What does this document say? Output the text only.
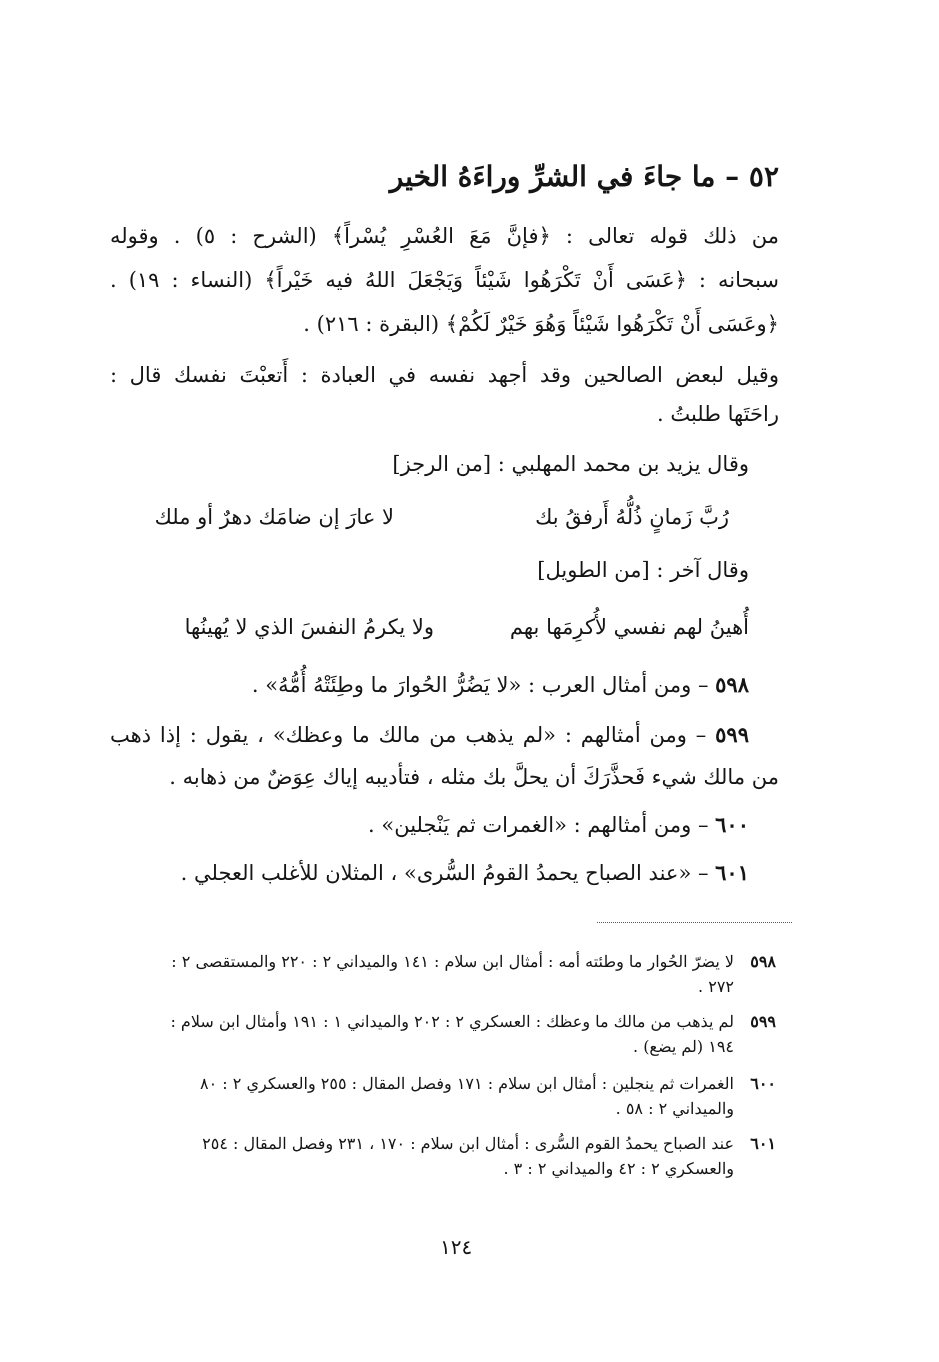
٥٢ – ما جاءَ في الشرِّ وراءَهُ الخير
من ذلك قوله تعالى : ﴿فإنَّ مَعَ العُسْرِ يُسْراً﴾ (الشرح : ٥) . وقوله
سبحانه : ﴿عَسَى أَنْ تَكْرَهُوا شَيْئاً وَيَجْعَلَ اللهُ فيه خَيْراً﴾ (النساء : ١٩) .
﴿وعَسَى أَنْ تَكْرَهُوا شَيْئاً وَهُوَ خَيْرٌ لَكُمْ﴾ (البقرة : ٢١٦) .
وقيل لبعض الصالحين وقد أجهد نفسه في العبادة : أَتعبْتَ نفسك قال :
راحَتَها طلبتُ .
وقال يزيد بن محمد المهلبي : [من الرجز]
رُبَّ زَمانٍ ذُلُّهُ أَرفقُ بك
لا عارَ إن ضامَك دهرٌ أو ملك
وقال آخر : [من الطويل]
أُهينُ لهم نفسي لأُكرِمَها بهم
ولا يكرمُ النفسَ الذي لا يُهينُها
٥٩٨ – ومن أمثال العرب : «لا يَضُرُّ الحُوارَ ما وطِئَتْهُ أُمُّهُ» .
٥٩٩ – ومن أمثالهم : «لم يذهب من مالك ما وعظك» ، يقول : إذا ذهب
من مالك شيء فَحذَّرَكَ أن يحلَّ بك مثله ، فتأديبه إياك عِوَضٌ من ذهابه .
٦٠٠ – ومن أمثالهم : «الغمرات ثم يَنْجلين» .
٦٠١ – «عند الصباح يحمدُ القومُ السُّرى» ، المثلان للأغلب العجلي .
٥٩٨
لا يضرّ الحُوار ما وطئته أمه : أمثال ابن سلام : ١٤١ والميداني ٢ : ٢٢٠ والمستقصى ٢ :
٢٧٢ .
٥٩٩
لم يذهب من مالك ما وعظك : العسكري ٢ : ٢٠٢ والميداني ١ : ١٩١ وأمثال ابن سلام :
١٩٤ (لم يضع) .
٦٠٠
الغمرات ثم ينجلين : أمثال ابن سلام : ١٧١ وفصل المقال : ٢٥٥ والعسكري ٢ : ٨٠
والميداني ٢ : ٥٨ .
٦٠١
عند الصباح يحمدُ القوم السُّرى : أمثال ابن سلام : ١٧٠ ، ٢٣١ وفصل المقال : ٢٥٤
والعسكري ٢ : ٤٢ والميداني ٢ : ٣ .
١٢٤
